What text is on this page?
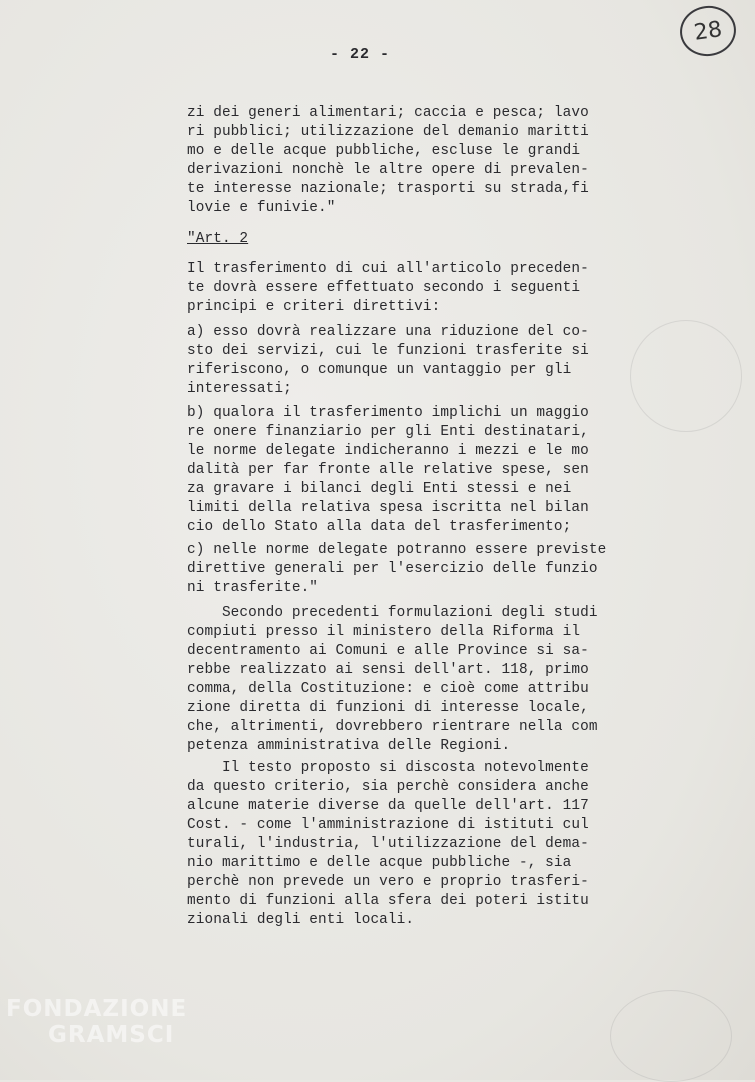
- 22 -
28
zi dei generi alimentari; caccia e pesca; lavo
ri pubblici; utilizzazione del demanio maritti
mo e delle acque pubbliche, escluse le grandi
derivazioni nonchè le altre opere di prevalen-
te interesse nazionale; trasporti su strada,fi
lovie e funivie."
"Art. 2
Il trasferimento di cui all'articolo preceden-
te dovrà essere effettuato secondo i seguenti
principi e criteri direttivi:
a) esso dovrà realizzare una riduzione del co-
sto dei servizi, cui le funzioni trasferite si
riferiscono, o comunque un vantaggio per gli
interessati;
b) qualora il trasferimento implichi un maggio
re onere finanziario per gli Enti destinatari,
le norme delegate indicheranno i mezzi e le mo
dalità per far fronte alle relative spese, sen
za gravare i bilanci degli Enti stessi e nei
limiti della relativa spesa iscritta nel bilan
cio dello Stato alla data del trasferimento;
c) nelle norme delegate potranno essere previste
direttive generali per l'esercizio delle funzio
ni trasferite."
Secondo precedenti formulazioni degli studi
compiuti presso il ministero della Riforma il
decentramento ai Comuni e alle Province si sa-
rebbe realizzato ai sensi dell'art. 118, primo
comma, della Costituzione: e cioè come attribu
zione diretta di funzioni di interesse locale,
che, altrimenti, dovrebbero rientrare nella com
petenza amministrativa delle Regioni.
Il testo proposto si discosta notevolmente
da questo criterio, sia perchè considera anche
alcune materie diverse da quelle dell'art. 117
Cost. - come l'amministrazione di istituti cul
turali, l'industria, l'utilizzazione del dema-
nio marittimo e delle acque pubbliche -, sia
perchè non prevede un vero e proprio trasferi-
mento di funzioni alla sfera dei poteri istitu
zionali degli enti locali.
FONDAZIONE
GRAMSCI
